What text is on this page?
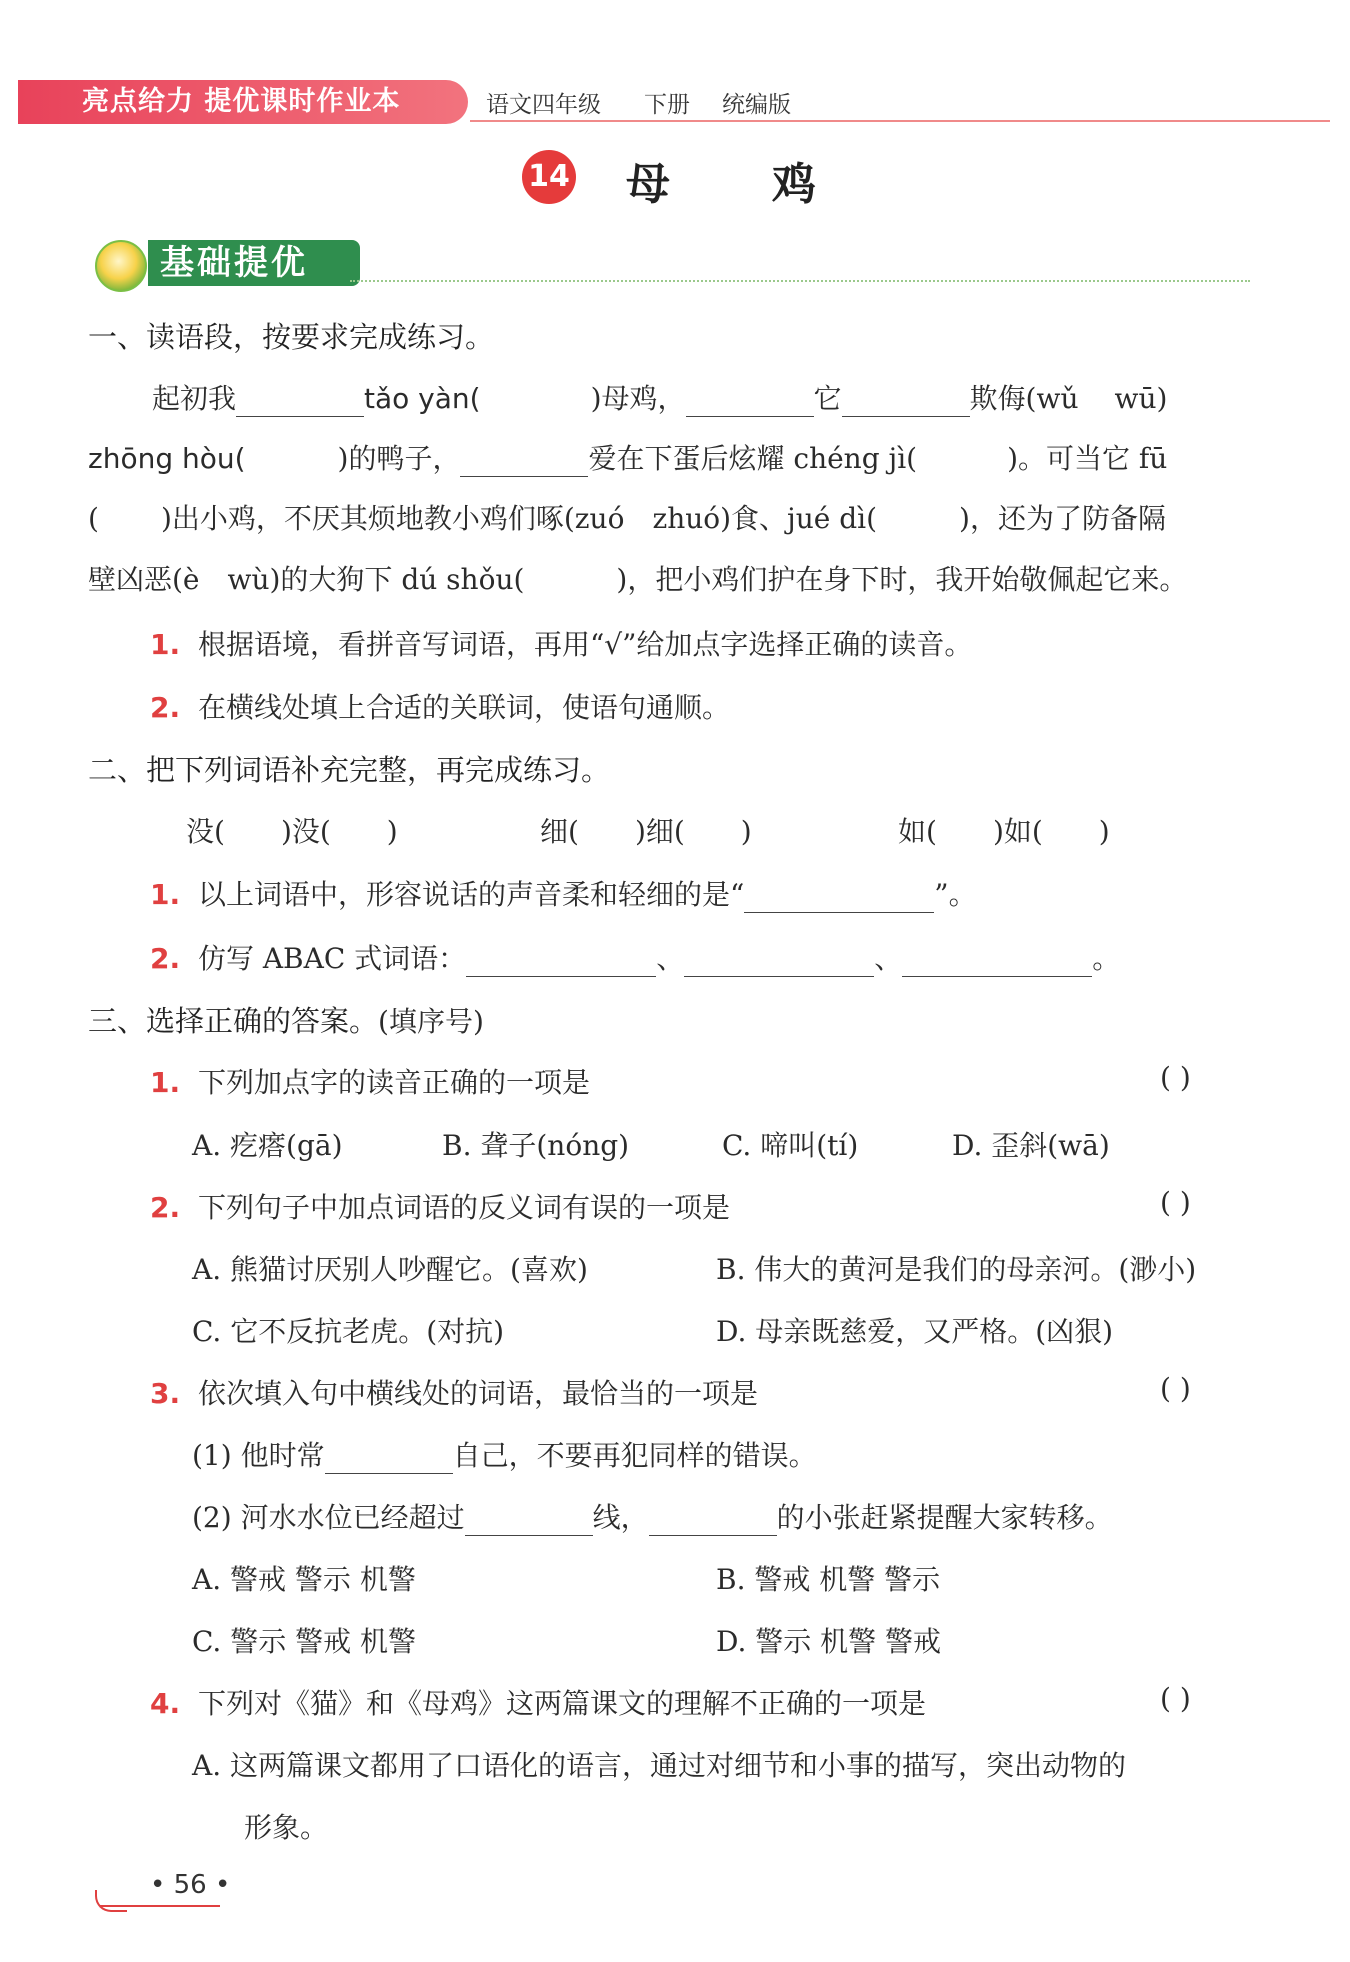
亮点给力 提优课时作业本	语文四年级 下册 统编版
14 母 鸡
基础提优
一、读语段，按要求完成练习。
起初我	tǎo yàn(	)母鸡，	它	欺侮(wǔ wū)
zhōng hòu(	)的鸭子，	爱在下蛋后炫耀 chéng jì(	)。可当它 fū
( )出小鸡，不厌其烦地教小鸡们啄(zuó zhuó)食、jué dì(	)，还为了防备隔
壁凶恶(è wù)的大狗下 dú shǒu(	)，把小鸡们护在身下时，我开始敬佩起它来。
1. 根据语境，看拼音写词语，再用“√”给加点字选择正确的读音。
2. 在横线处填上合适的关联词，使语句通顺。
二、把下列词语补充完整，再完成练习。
没( )没( )	细( )细( )	如( )如( )
1. 以上词语中，形容说话的声音柔和轻细的是“	”。
2. 仿写 ABAC 式词语：	、	、	。
三、选择正确的答案。(填序号)
1. 下列加点字的读音正确的一项是	( )
A. 疙瘩(gā)	B. 聋子(nóng)	C. 啼叫(tí)	D. 歪斜(wā)
2. 下列句子中加点词语的反义词有误的一项是	( )
A. 熊猫讨厌别人吵醒它。(喜欢)	B. 伟大的黄河是我们的母亲河。(渺小)
C. 它不反抗老虎。(对抗)	D. 母亲既慈爱，又严格。(凶狠)
3. 依次填入句中横线处的词语，最恰当的一项是	( )
(1) 他时常	自己，不要再犯同样的错误。
(2) 河水水位已经超过	线，	的小张赶紧提醒大家转移。
A. 警戒 警示 机警	B. 警戒 机警 警示
C. 警示 警戒 机警	D. 警示 机警 警戒
4. 下列对《猫》和《母鸡》这两篇课文的理解不正确的一项是	( )
A. 这两篇课文都用了口语化的语言，通过对细节和小事的描写，突出动物的
形象。
• 56 •
